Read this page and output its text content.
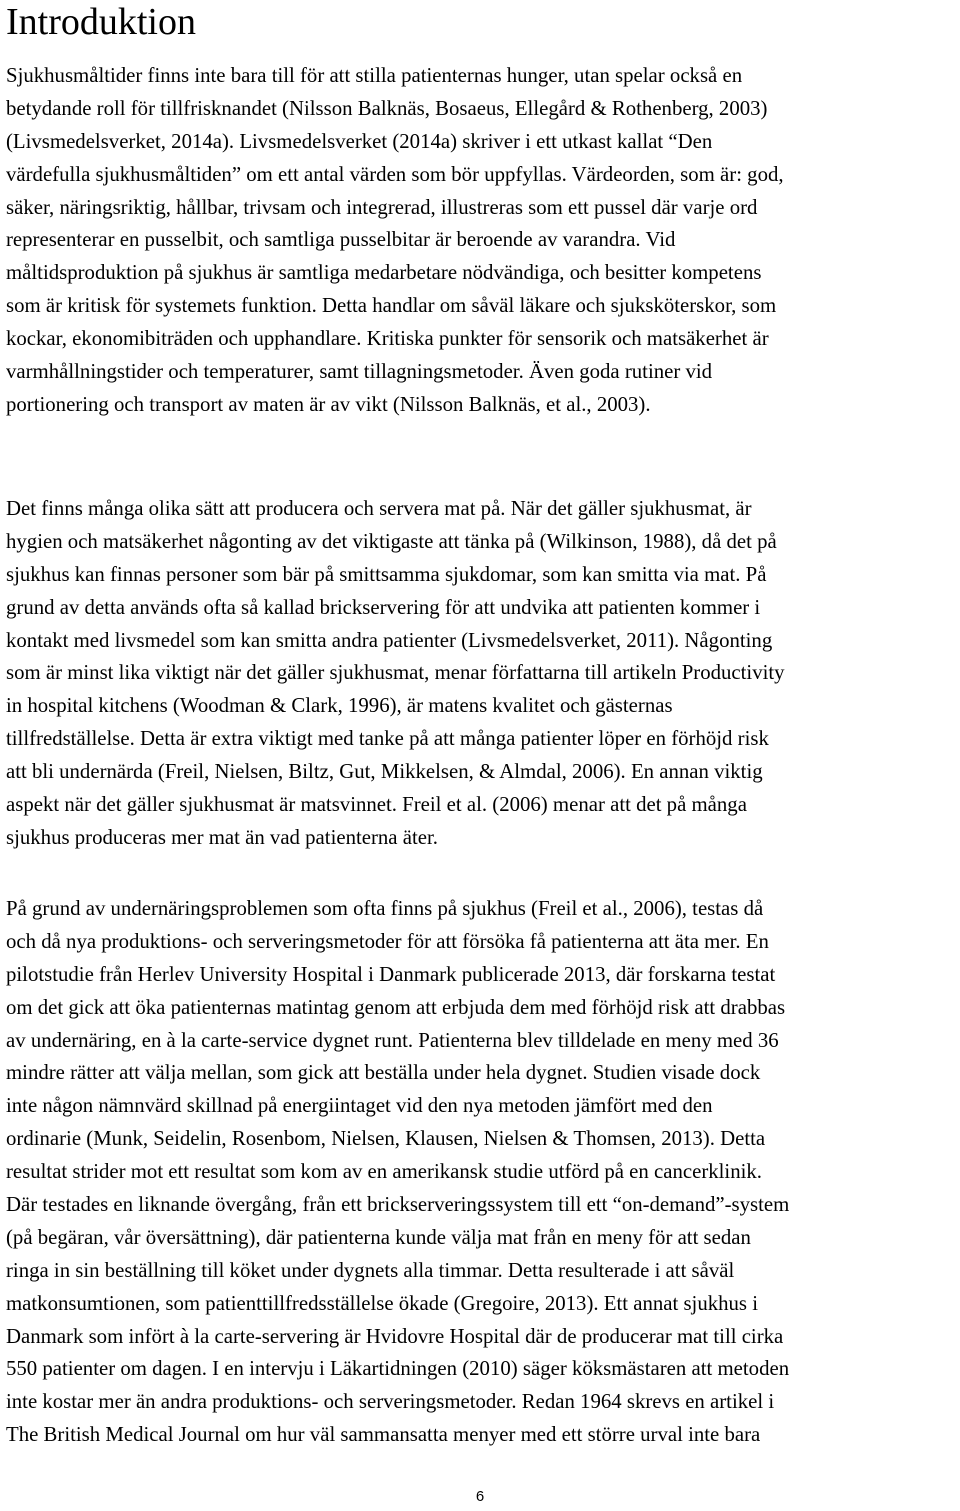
Introduktion

Sjukhusmåltider finns inte bara till för att stilla patienternas hunger, utan spelar också en
betydande roll för tillfrisknandet (Nilsson Balknäs, Bosaeus, Ellegård & Rothenberg, 2003)
(Livsmedelsverket, 2014a). Livsmedelsverket (2014a) skriver i ett utkast kallat “Den
värdefulla sjukhusmåltiden” om ett antal värden som bör uppfyllas. Värdeorden, som är: god,
säker, näringsriktig, hållbar, trivsam och integrerad, illustreras som ett pussel där varje ord
representerar en pusselbit, och samtliga pusselbitar är beroende av varandra. Vid
måltidsproduktion på sjukhus är samtliga medarbetare nödvändiga, och besitter kompetens
som är kritisk för systemets funktion. Detta handlar om såväl läkare och sjuksköterskor, som
kockar, ekonomibiträden och upphandlare. Kritiska punkter för sensorik och matsäkerhet är
varmhållningstider och temperaturer, samt tillagningsmetoder. Även goda rutiner vid
portionering och transport av maten är av vikt (Nilsson Balknäs, et al., 2003).

Det finns många olika sätt att producera och servera mat på. När det gäller sjukhusmat, är
hygien och matsäkerhet någonting av det viktigaste att tänka på (Wilkinson, 1988), då det på
sjukhus kan finnas personer som bär på smittsamma sjukdomar, som kan smitta via mat. På
grund av detta används ofta så kallad brickservering för att undvika att patienten kommer i
kontakt med livsmedel som kan smitta andra patienter (Livsmedelsverket, 2011). Någonting
som är minst lika viktigt när det gäller sjukhusmat, menar författarna till artikeln Productivity
in hospital kitchens (Woodman & Clark, 1996), är matens kvalitet och gästernas
tillfredställelse. Detta är extra viktigt med tanke på att många patienter löper en förhöjd risk
att bli undernärda (Freil, Nielsen, Biltz, Gut, Mikkelsen, & Almdal, 2006). En annan viktig
aspekt när det gäller sjukhusmat är matsvinnet. Freil et al. (2006) menar att det på många
sjukhus produceras mer mat än vad patienterna äter.

På grund av undernäringsproblemen som ofta finns på sjukhus (Freil et al., 2006), testas då
och då nya produktions- och serveringsmetoder för att försöka få patienterna att äta mer. En
pilotstudie från Herlev University Hospital i Danmark publicerade 2013, där forskarna testat
om det gick att öka patienternas matintag genom att erbjuda dem med förhöjd risk att drabbas
av undernäring, en à la carte-service dygnet runt. Patienterna blev tilldelade en meny med 36
mindre rätter att välja mellan, som gick att beställa under hela dygnet. Studien visade dock
inte någon nämnvärd skillnad på energiintaget vid den nya metoden jämfört med den
ordinarie (Munk, Seidelin, Rosenbom, Nielsen, Klausen, Nielsen & Thomsen, 2013). Detta
resultat strider mot ett resultat som kom av en amerikansk studie utförd på en cancerklinik.
Där testades en liknande övergång, från ett brickserveringssystem till ett “on-demand”-system
(på begäran, vår översättning), där patienterna kunde välja mat från en meny för att sedan
ringa in sin beställning till köket under dygnets alla timmar. Detta resulterade i att såväl
matkonsumtionen, som patienttillfredsställelse ökade (Gregoire, 2013). Ett annat sjukhus i
Danmark som infört à la carte-servering är Hvidovre Hospital där de producerar mat till cirka
550 patienter om dagen. I en intervju i Läkartidningen (2010) säger köksmästaren att metoden
inte kostar mer än andra produktions- och serveringsmetoder. Redan 1964 skrevs en artikel i
The British Medical Journal om hur väl sammansatta menyer med ett större urval inte bara

6
